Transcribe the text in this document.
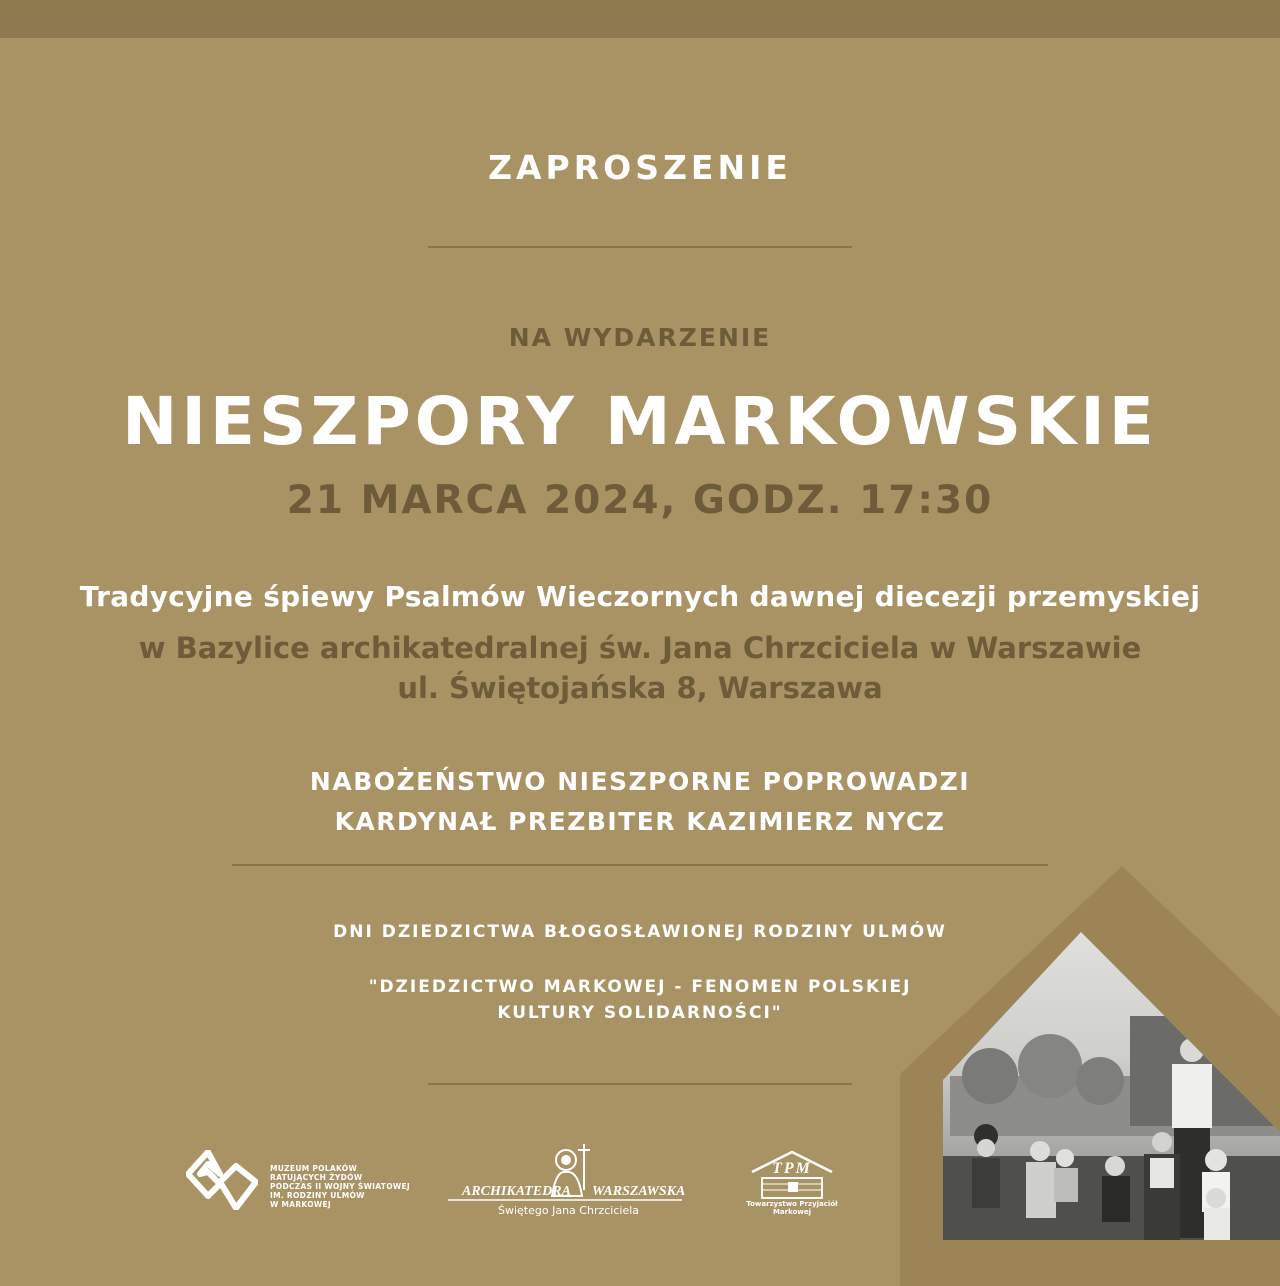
ZAPROSZENIE
NA WYDARZENIE
NIESZPORY MARKOWSKIE
21 MARCA 2024, GODZ. 17:30
Tradycyjne śpiewy Psalmów Wieczornych dawnej diecezji przemyskiej
w Bazylice archikatedralnej św. Jana Chrzciciela w Warszawie
ul. Świętojańska 8, Warszawa
NABOŻEŃSTWO NIESZPORNE POPROWADZI
KARDYNAŁ PREZBITER KAZIMIERZ NYCZ
DNI DZIEDZICTWA BŁOGOSŁAWIONEJ RODZINY ULMÓW
"DZIEDZICTWO MARKOWEJ - FENOMEN POLSKIEJ
KULTURY SOLIDARNOŚCI"
MUZEUM POLAKÓW
RATUJĄCYCH ŻYDÓW
PODCZAS II WOJNY ŚWIATOWEJ
IM. RODZINY ULMÓW
W MARKOWEJ
ARCHIKATEDRA WARSZAWSKA
Świętego Jana Chrzciciela
TPM
Towarzystwo Przyjaciół
Markowej
